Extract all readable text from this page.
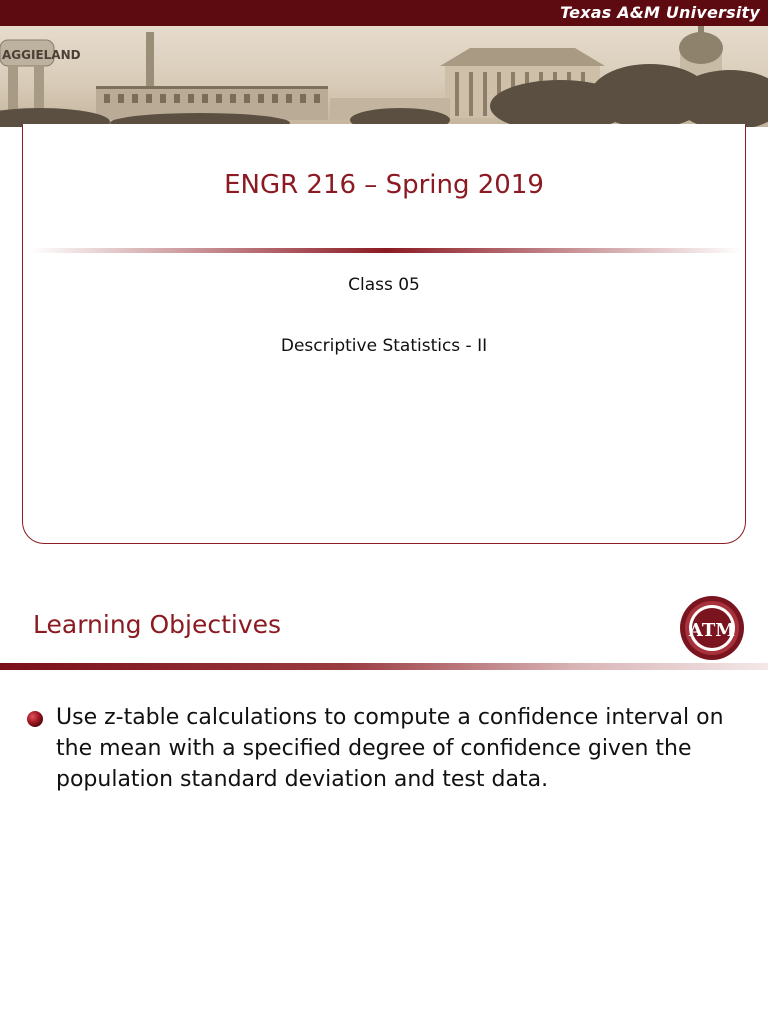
Texas A&M University
AGGIELAND
ENGR 216 – Spring 2019
Class 05
Descriptive Statistics - II
Learning Objectives	ATM
Use z-table calculations to compute a confidence interval on the mean with a specified degree of confidence given the population standard deviation and test data.
